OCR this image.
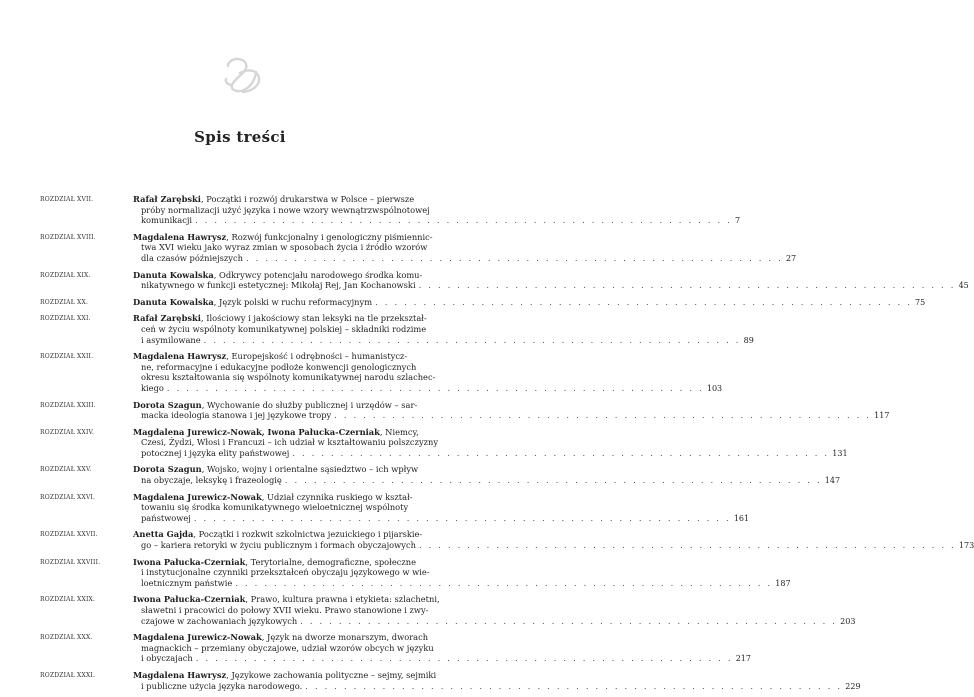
Spis treści
ROZDZIAŁ XVII.	Rafał Zarębski, Początki i rozwój drukarstwa w Polsce – pierwsze
próby normalizacji użyć języka i nowe wzory wewnątrzwspólnotowej
komunikacji . . . . . . . . . . . . . . . . . . . . . . . . . . . . . . . . . . . . . . . . . . . . . . . . . . . . . . . . 7
ROZDZIAŁ XVIII.	Magdalena Hawrysz, Rozwój funkcjonalny i genologiczny piśmiennic-
twa XVI wieku jako wyraz zmian w sposobach życia i źródło wzorów
dla czasów późniejszych . . . . . . . . . . . . . . . . . . . . . . . . . . . . . . . . . . . . . . . . . . . . . . . . . . . . . . . . 27
ROZDZIAŁ XIX.	Danuta Kowalska, Odkrywcy potencjału narodowego środka komu-
nikatywnego w funkcji estetycznej: Mikołaj Rej, Jan Kochanowski . . . . . . . . . . . . . . . . . . . . . . . . . . . . . . . . . . . . . . . . . . . . . . . . . . . . . . . . 45
ROZDZIAŁ XX.	Danuta Kowalska, Język polski w ruchu reformacyjnym . . . . . . . . . . . . . . . . . . . . . . . . . . . . . . . . . . . . . . . . . . . . . . . . . . . . . . . . 75
ROZDZIAŁ XXI.	Rafał Zarębski, Ilościowy i jakościowy stan leksyki na tle przekształ-
ceń w życiu wspólnoty komunikatywnej polskiej – składniki rodzime
i asymilowane . . . . . . . . . . . . . . . . . . . . . . . . . . . . . . . . . . . . . . . . . . . . . . . . . . . . . . . . 89
ROZDZIAŁ XXII.	Magdalena Hawrysz, Europejskość i odrębności – humanistycz-
ne, reformacyjne i edukacyjne podłoże konwencji genologicznych
okresu kształtowania się wspólnoty komunikatywnej narodu szlachec-
kiego . . . . . . . . . . . . . . . . . . . . . . . . . . . . . . . . . . . . . . . . . . . . . . . . . . . . . . . . 103
ROZDZIAŁ XXIII.	Dorota Szagun, Wychowanie do służby publicznej i urzędów – sar-
macka ideologia stanowa i jej językowe tropy . . . . . . . . . . . . . . . . . . . . . . . . . . . . . . . . . . . . . . . . . . . . . . . . . . . . . . . . 117
ROZDZIAŁ XXIV.	Magdalena Jurewicz-Nowak, Iwona Pałucka-Czerniak, Niemcy,
Czesi, Żydzi, Włosi i Francuzi – ich udział w kształtowaniu polszczyzny
potocznej i języka elity państwowej . . . . . . . . . . . . . . . . . . . . . . . . . . . . . . . . . . . . . . . . . . . . . . . . . . . . . . . . 131
ROZDZIAŁ XXV.	Dorota Szagun, Wojsko, wojny i orientalne sąsiedztwo – ich wpływ
na obyczaje, leksykę i frazeologię . . . . . . . . . . . . . . . . . . . . . . . . . . . . . . . . . . . . . . . . . . . . . . . . . . . . . . . . 147
ROZDZIAŁ XXVI.	Magdalena Jurewicz-Nowak, Udział czynnika ruskiego w kształ-
towaniu się środka komunikatywnego wieloetnicznej wspólnoty
państwowej . . . . . . . . . . . . . . . . . . . . . . . . . . . . . . . . . . . . . . . . . . . . . . . . . . . . . . . . 161
ROZDZIAŁ XXVII.	Anetta Gajda, Początki i rozkwit szkolnictwa jezuickiego i pijarskie-
go – kariera retoryki w życiu publicznym i formach obyczajowych . . . . . . . . . . . . . . . . . . . . . . . . . . . . . . . . . . . . . . . . . . . . . . . . . . . . . . . . 173
ROZDZIAŁ XXVIII.	Iwona Pałucka-Czerniak, Terytorialne, demograficzne, społeczne
i instytucjonalne czynniki przekształceń obyczaju językowego w wie-
loetnicznym państwie . . . . . . . . . . . . . . . . . . . . . . . . . . . . . . . . . . . . . . . . . . . . . . . . . . . . . . . . 187
ROZDZIAŁ XXIX.	Iwona Pałucka-Czerniak, Prawo, kultura prawna i etykieta: szlachetni,
sławetni i pracowici do połowy XVII wieku. Prawo stanowione i zwy-
czajowe w zachowaniach językowych . . . . . . . . . . . . . . . . . . . . . . . . . . . . . . . . . . . . . . . . . . . . . . . . . . . . . . . . 203
ROZDZIAŁ XXX.	Magdalena Jurewicz-Nowak, Język na dworze monarszym, dworach
magnackich – przemiany obyczajowe, udział wzorów obcych w języku
i obyczajach . . . . . . . . . . . . . . . . . . . . . . . . . . . . . . . . . . . . . . . . . . . . . . . . . . . . . . . . 217
ROZDZIAŁ XXXI.	Magdalena Hawrysz, Językowe zachowania polityczne – sejmy, sejmiki
i publiczne użycia języka narodowego. . . . . . . . . . . . . . . . . . . . . . . . . . . . . . . . . . . . . . . . . . . . . . . . . . . . . . . . . 229
